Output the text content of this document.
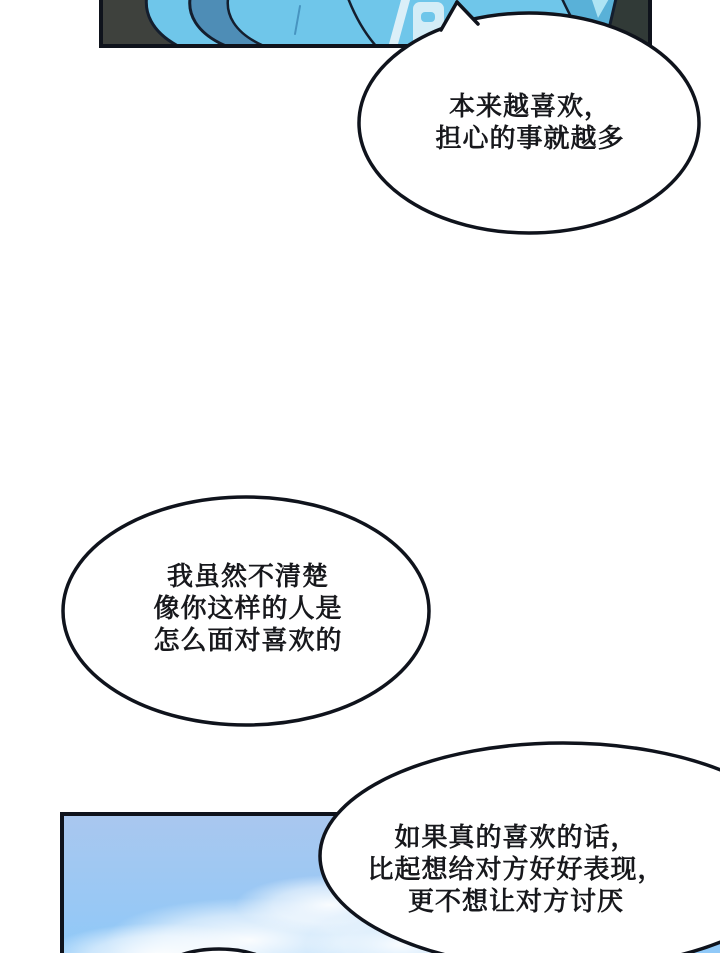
本来越喜欢，
担心的事就越多
我虽然不清楚
像你这样的人是
怎么面对喜欢的
如果真的喜欢的话，
比起想给对方好好表现，
更不想让对方讨厌
